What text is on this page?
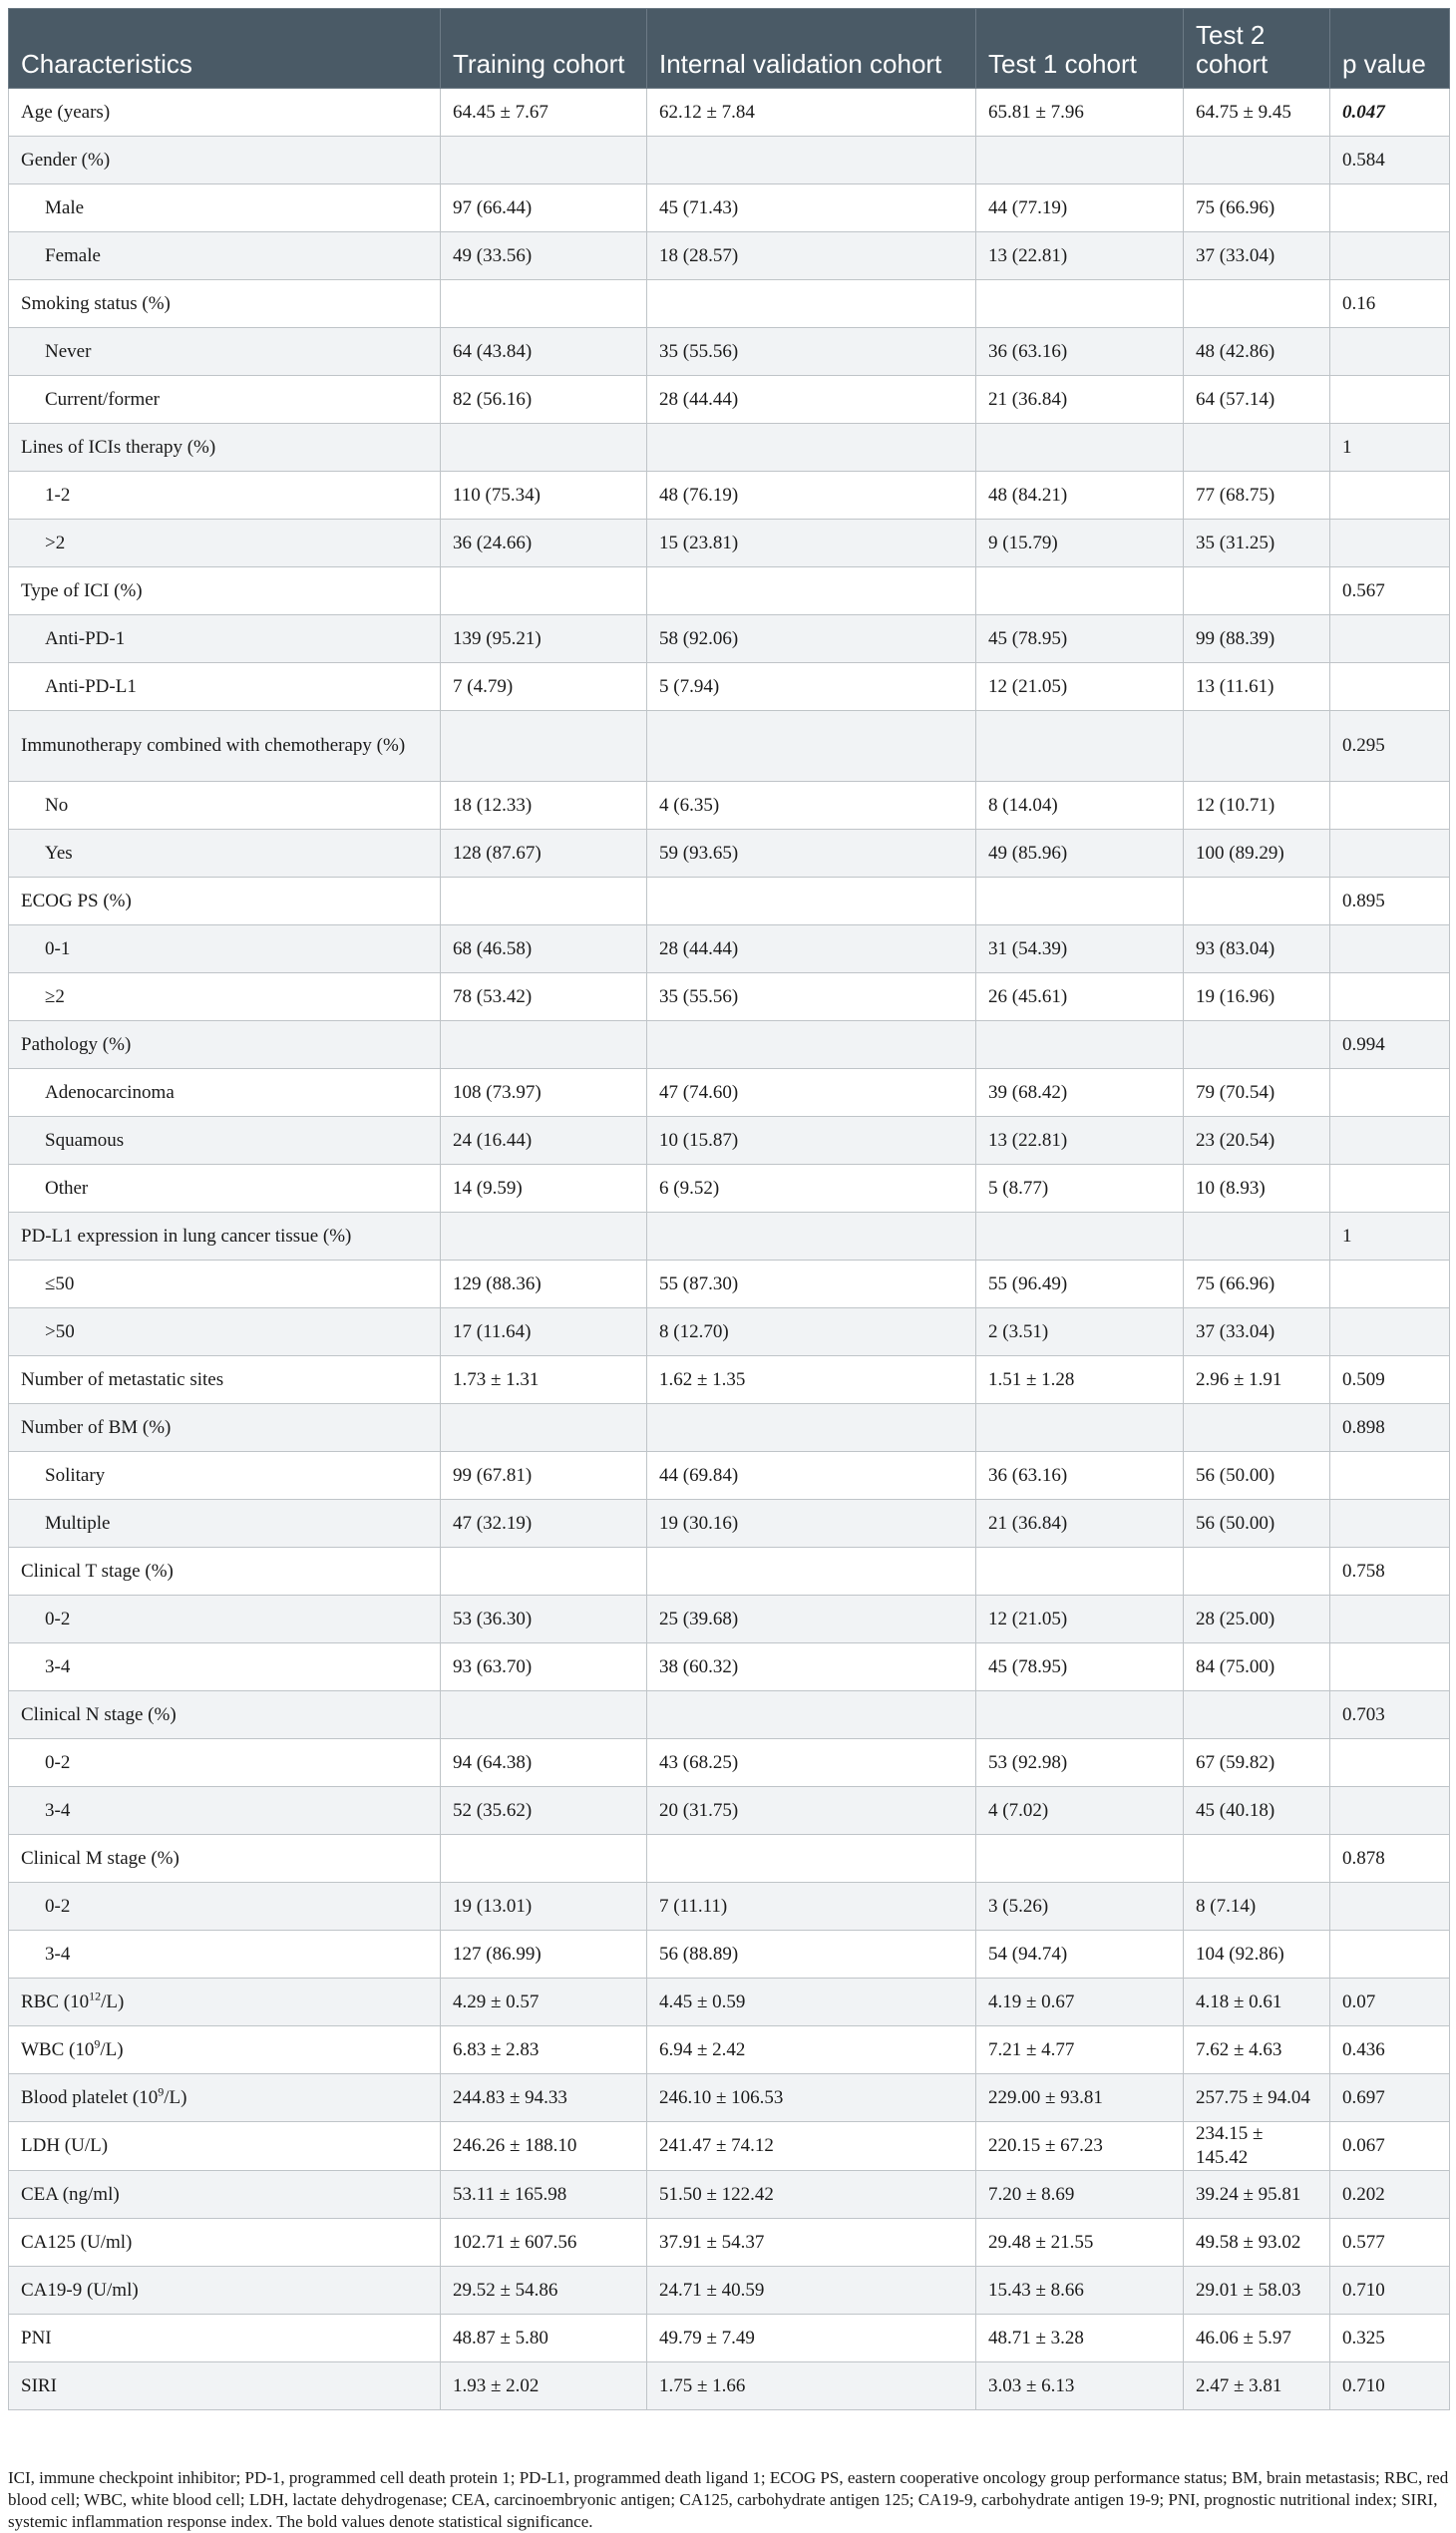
Characteristics	Training cohort	Internal validation cohort	Test 1 cohort	Test 2 cohort	p value
Age (years)	64.45 ± 7.67	62.12 ± 7.84	65.81 ± 7.96	64.75 ± 9.45	0.047
Gender (%)					0.584
Male	97 (66.44)	45 (71.43)	44 (77.19)	75 (66.96)	
Female	49 (33.56)	18 (28.57)	13 (22.81)	37 (33.04)	
Smoking status (%)					0.16
Never	64 (43.84)	35 (55.56)	36 (63.16)	48 (42.86)	
Current/former	82 (56.16)	28 (44.44)	21 (36.84)	64 (57.14)	
Lines of ICIs therapy (%)					1
1-2	110 (75.34)	48 (76.19)	48 (84.21)	77 (68.75)	
>2	36 (24.66)	15 (23.81)	9 (15.79)	35 (31.25)	
Type of ICI (%)					0.567
Anti-PD-1	139 (95.21)	58 (92.06)	45 (78.95)	99 (88.39)	
Anti-PD-L1	7 (4.79)	5 (7.94)	12 (21.05)	13 (11.61)	
Immunotherapy combined with chemotherapy (%)					0.295
No	18 (12.33)	4 (6.35)	8 (14.04)	12 (10.71)	
Yes	128 (87.67)	59 (93.65)	49 (85.96)	100 (89.29)	
ECOG PS (%)					0.895
0-1	68 (46.58)	28 (44.44)	31 (54.39)	93 (83.04)	
≥2	78 (53.42)	35 (55.56)	26 (45.61)	19 (16.96)	
Pathology (%)					0.994
Adenocarcinoma	108 (73.97)	47 (74.60)	39 (68.42)	79 (70.54)	
Squamous	24 (16.44)	10 (15.87)	13 (22.81)	23 (20.54)	
Other	14 (9.59)	6 (9.52)	5 (8.77)	10 (8.93)	
PD-L1 expression in lung cancer tissue (%)					1
≤50	129 (88.36)	55 (87.30)	55 (96.49)	75 (66.96)	
>50	17 (11.64)	8 (12.70)	2 (3.51)	37 (33.04)	
Number of metastatic sites	1.73 ± 1.31	1.62 ± 1.35	1.51 ± 1.28	2.96 ± 1.91	0.509
Number of BM (%)					0.898
Solitary	99 (67.81)	44 (69.84)	36 (63.16)	56 (50.00)	
Multiple	47 (32.19)	19 (30.16)	21 (36.84)	56 (50.00)	
Clinical T stage (%)					0.758
0-2	53 (36.30)	25 (39.68)	12 (21.05)	28 (25.00)	
3-4	93 (63.70)	38 (60.32)	45 (78.95)	84 (75.00)	
Clinical N stage (%)					0.703
0-2	94 (64.38)	43 (68.25)	53 (92.98)	67 (59.82)	
3-4	52 (35.62)	20 (31.75)	4 (7.02)	45 (40.18)	
Clinical M stage (%)					0.878
0-2	19 (13.01)	7 (11.11)	3 (5.26)	8 (7.14)	
3-4	127 (86.99)	56 (88.89)	54 (94.74)	104 (92.86)	
RBC $(10^{12}/L)$	4.29 ± 0.57	4.45 ± 0.59	4.19 ± 0.67	4.18 ± 0.61	0.07
WBC $(10^9/L)$	6.83 ± 2.83	6.94 ± 2.42	7.21 ± 4.77	7.62 ± 4.63	0.436
Blood platelet $(10^9/L)$	244.83 ± 94.33	246.10 ± 106.53	229.00 ± 93.81	257.75 ± 94.04	0.697
LDH (U/L)	246.26 ± 188.10	241.47 ± 74.12	220.15 ± 67.23	234.15 ± 145.42	0.067
CEA (ng/ml)	53.11 ± 165.98	51.50 ± 122.42	7.20 ± 8.69	39.24 ± 95.81	0.202
CA125 (U/ml)	102.71 ± 607.56	37.91 ± 54.37	29.48 ± 21.55	49.58 ± 93.02	0.577
CA19-9 (U/ml)	29.52 ± 54.86	24.71 ± 40.59	15.43 ± 8.66	29.01 ± 58.03	0.710
PNI	48.87 ± 5.80	49.79 ± 7.49	48.71 ± 3.28	46.06 ± 5.97	0.325
SIRI	1.93 ± 2.02	1.75 ± 1.66	3.03 ± 6.13	2.47 ± 3.81	0.710
ICI, immune checkpoint inhibitor; PD-1, programmed cell death protein 1; PD-L1, programmed death ligand 1; ECOG PS, eastern cooperative oncology group performance status; BM, brain metastasis; RBC, red blood cell; WBC, white blood cell; LDH, lactate dehydrogenase; CEA, carcinoembryonic antigen; CA125, carbohydrate antigen 125; CA19-9, carbohydrate antigen 19-9; PNI, prognostic nutritional index; SIRI, systemic inflammation response index. The bold values denote statistical significance.
